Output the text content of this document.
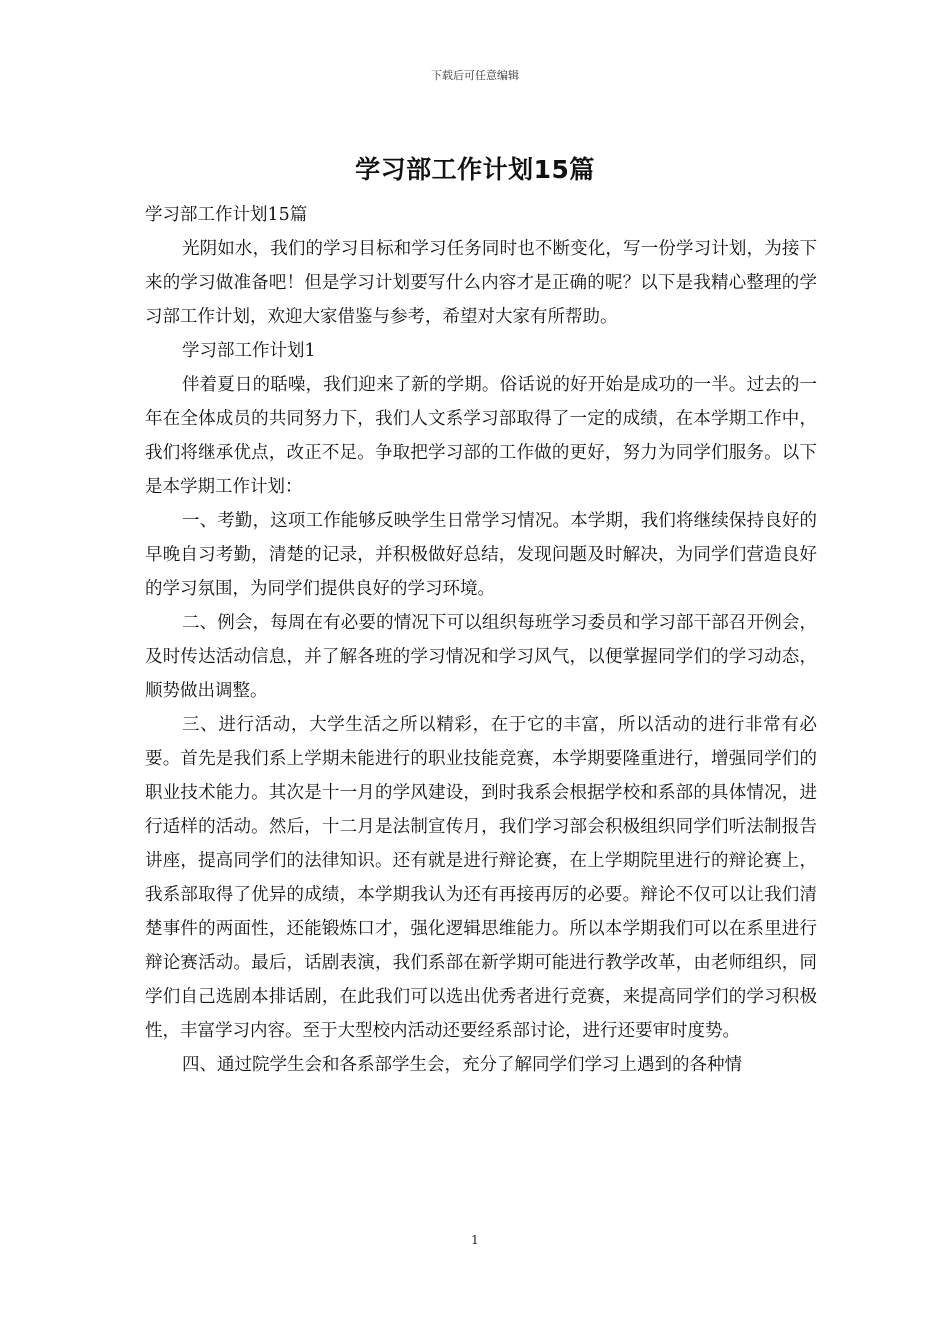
下载后可任意编辑
学习部工作计划15篇

学习部工作计划15篇

光阴如水，我们的学习目标和学习任务同时也不断变化，写一份学习计划，为接下来的学习做准备吧！但是学习计划要写什么内容才是正确的呢？以下是我精心整理的学习部工作计划，欢迎大家借鉴与参考，希望对大家有所帮助。

学习部工作计划1

伴着夏日的聒噪，我们迎来了新的学期。俗话说的好开始是成功的一半。过去的一年在全体成员的共同努力下，我们人文系学习部取得了一定的成绩，在本学期工作中，我们将继承优点，改正不足。争取把学习部的工作做的更好，努力为同学们服务。以下是本学期工作计划：

一、考勤，这项工作能够反映学生日常学习情况。本学期，我们将继续保持良好的早晚自习考勤，清楚的记录，并积极做好总结，发现问题及时解决，为同学们营造良好的学习氛围，为同学们提供良好的学习环境。

二、例会，每周在有必要的情况下可以组织每班学习委员和学习部干部召开例会，及时传达活动信息，并了解各班的学习情况和学习风气，以便掌握同学们的学习动态，顺势做出调整。

三、进行活动，大学生活之所以精彩，在于它的丰富，所以活动的进行非常有必要。首先是我们系上学期未能进行的职业技能竞赛，本学期要隆重进行，增强同学们的职业技术能力。其次是十一月的学风建设，到时我系会根据学校和系部的具体情况，进行适样的活动。然后，十二月是法制宣传月，我们学习部会积极组织同学们听法制报告讲座，提高同学们的法律知识。还有就是进行辩论赛，在上学期院里进行的辩论赛上，我系部取得了优异的成绩，本学期我认为还有再接再厉的必要。辩论不仅可以让我们清楚事件的两面性，还能锻炼口才，强化逻辑思维能力。所以本学期我们可以在系里进行辩论赛活动。最后，话剧表演，我们系部在新学期可能进行教学改革，由老师组织，同学们自己选剧本排话剧，在此我们可以选出优秀者进行竞赛，来提高同学们的学习积极性，丰富学习内容。至于大型校内活动还要经系部讨论，进行还要审时度势。

四、通过院学生会和各系部学生会，充分了解同学们学习上遇到的各种情

1
